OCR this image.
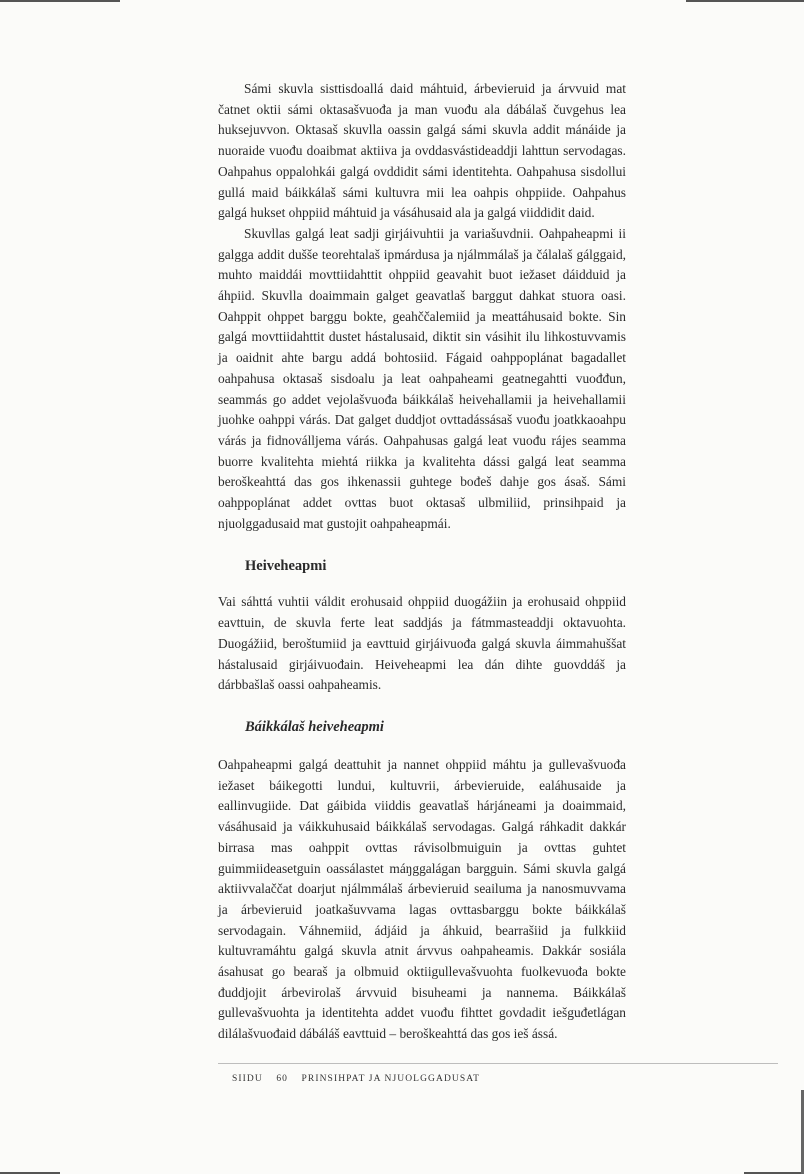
Sámi skuvla sisttisdoallá daid máhtuid, árbevieruid ja árvvuid mat čatnet oktii sámi oktasašvuođa ja man vuođu ala dábálaš čuvgehus lea huksejuvvon. Oktasaš skuvlla oassin galgá sámi skuvla addit mánáide ja nuoraide vuođu doaibmat aktiiva ja ovddasvástideaddji lahttun servodagas. Oahpahus oppalohkái galgá ovddidit sámi identitehta. Oahpahusa sisdollui gullá maid báikkálaš sámi kultuvra mii lea oahpis ohppiide. Oahpahus galgá hukset ohppiid máhtuid ja vásáhusaid ala ja galgá viiddidit daid.

Skuvllas galgá leat sadji girjáivuhtii ja variašuvdnii. Oahpaheapmi ii galgga addit dušše teorehtalaš ipmárdusa ja njálmmálaš ja čálalaš gálggaid, muhto maiddái movttiidahttit ohppiid geavahit buot iežaset dáidduid ja áhpiid. Skuvlla doaimmain galget geavatlaš barggut dahkat stuora oasi. Oahppit ohppet barggu bokte, geahččalemiid ja meattáhusaid bokte. Sin galgá movttiidahttit dustet hástalusaid, diktit sin vásihit ilu lihkostuvvamis ja oaidnit ahte bargu addá bohtosiid. Fágaid oahppoplánat bagadallet oahpahusa oktasaš sisdoalu ja leat oahpaheami geatnegahtti vuođđun, seammás go addet vejolašvuođa báikkálaš heivehallamii ja heivehallamii juohke oahppi várás. Dat galget duddjot ovttadássásaš vuođu joatkkaoahpu várás ja fidnoválljema várás. Oahpahusas galgá leat vuođu rájes seamma buorre kvalitehta miehtá riikka ja kvalitehta dássi galgá leat seamma beroškeahttá das gos ihkenassii guhtege bođeš dahje gos ásaš. Sámi oahppoplánat addet ovttas buot oktasaš ulbmiliid, prinsihpaid ja njuolggadusaid mat gustojit oahpaheapmái.

Heiveheapmi

Vai sáhttá vuhtii váldit erohusaid ohppiid duogážiin ja erohusaid ohppiid eavttuin, de skuvla ferte leat saddjás ja fátmmasteaddji oktavuohta. Duogážiid, beroštumiid ja eavttuid girjáivuođa galgá skuvla áimmahuššat hástalusaid girjáivuođain. Heiveheapmi lea dán dihte guovddáš ja dárbbašlaš oassi oahpaheamis.

Báikkálaš heiveheapmi

Oahpaheapmi galgá deattuhit ja nannet ohppiid máhtu ja gullevašvuođa iežaset báikegotti lundui, kultuvrii, árbevieruide, ealáhusaide ja eallinvugiide. Dat gáibida viiddis geavatlaš hárjáneami ja doaimmaid, vásáhusaid ja váikkuhusaid báikkálaš servodagas. Galgá ráhkadit dakkár birrasa mas oahppit ovttas rávisolbmuiguin ja ovttas guhtet guimmiideasetguin oassálastet máŋggalágan bargguin. Sámi skuvla galgá aktiivvalaččat doarjut njálmmálaš árbevieruid seailuma ja nanosmuvvama ja árbevieruid joatkašuvvama lagas ovttasbarggu bokte báikkálaš servodagain. Váhnemiid, ádjáid ja áhkuid, bearrašiid ja fulkkiid kultuvramáhtu galgá skuvla atnit árvvus oahpaheamis. Dakkár sosiála ásahusat go bearaš ja olbmuid oktiigullevašvuohta fuolkevuođa bokte đuddjojit árbevirolaš árvvuid bisuheami ja nannema. Báikkálaš gullevašvuohta ja identitehta addet vuođu fihttet govdadit iešguđetlágan dilálašvuođaid dábáláš eavttuid – beroškeahttá das gos ieš ássá.

SIIDU 60 PRINSIHPAT JA NJUOLGGADUSAT
